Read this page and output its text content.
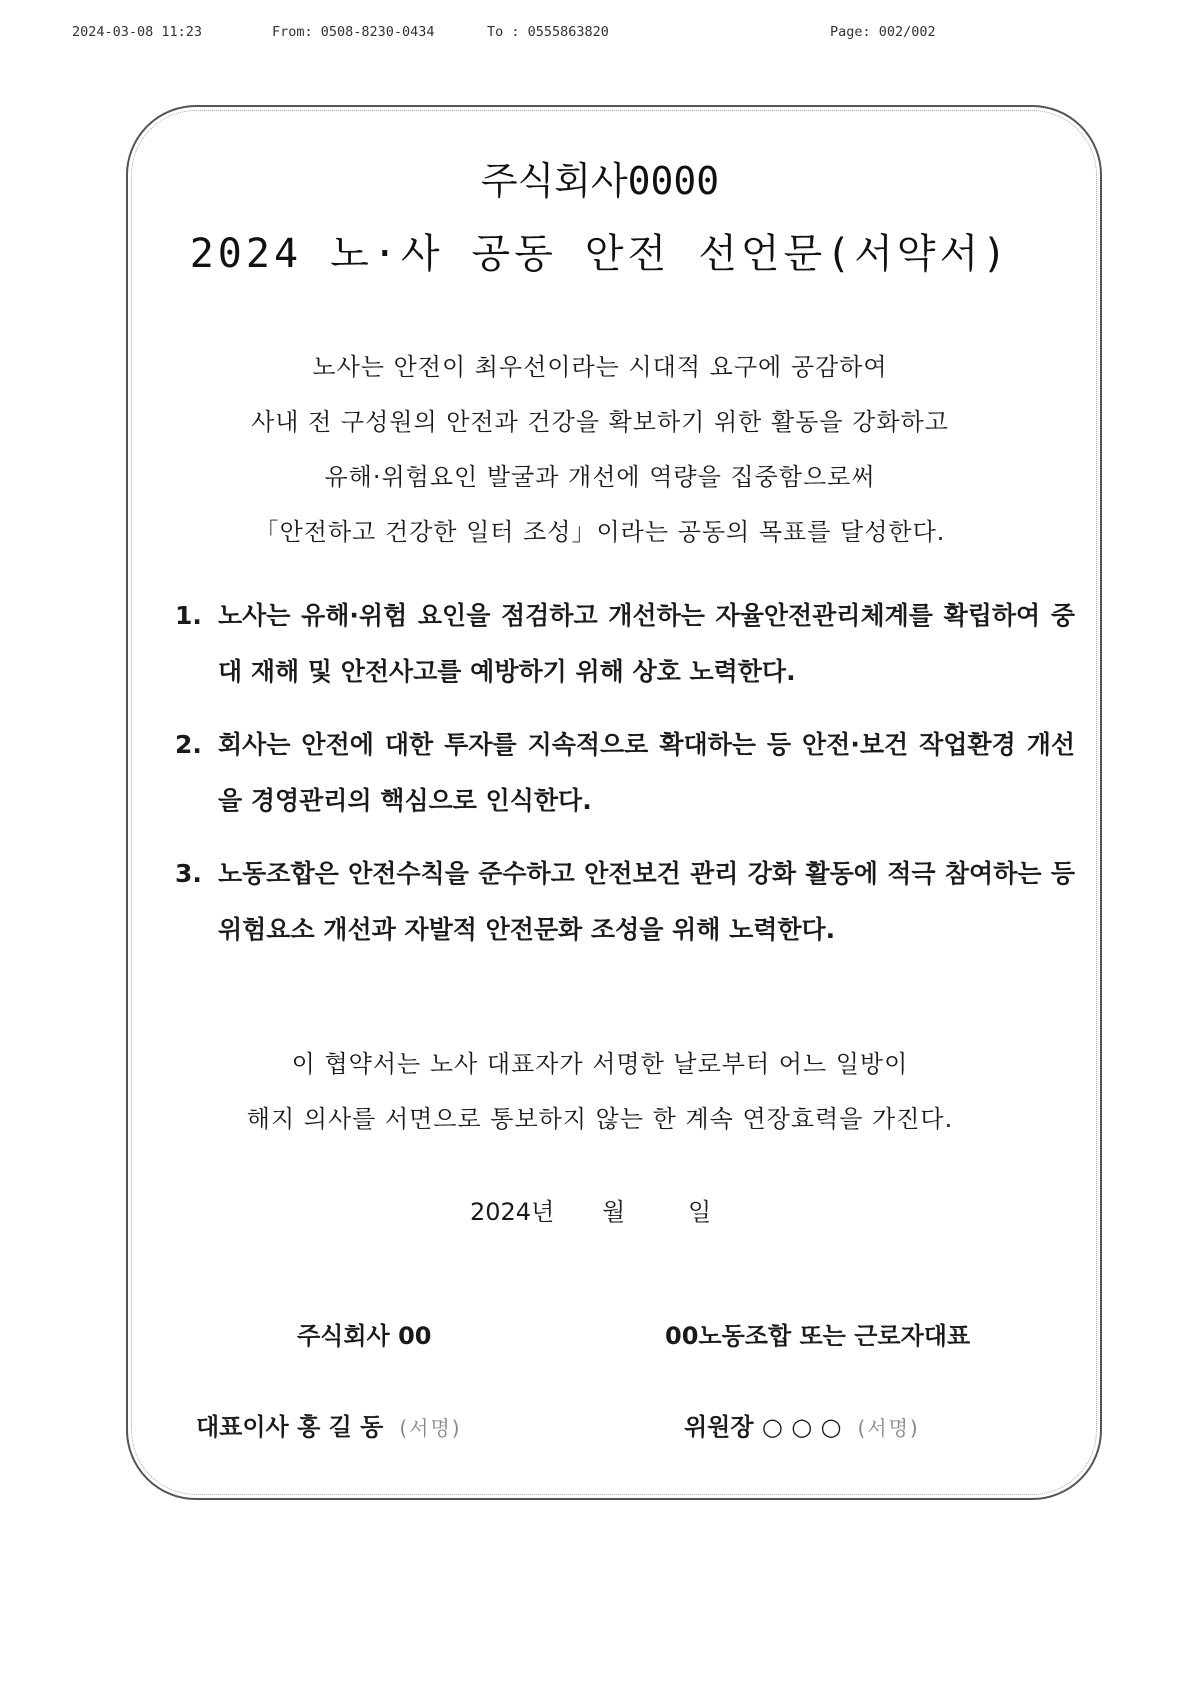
2024-03-08 11:23	From: 0508-8230-0434	To : 0555863820	Page: 002/002
주식회사0000
2024 노·사 공동 안전 선언문(서약서)
노사는 안전이 최우선이라는 시대적 요구에 공감하여
사내 전 구성원의 안전과 건강을 확보하기 위한 활동을 강화하고
유해·위험요인 발굴과 개선에 역량을 집중함으로써
「안전하고 건강한 일터 조성」이라는 공동의 목표를 달성한다.
1. 노사는 유해·위험 요인을 점검하고 개선하는 자율안전관리체계를 확립하여 중대 재해 및 안전사고를 예방하기 위해 상호 노력한다.
2. 회사는 안전에 대한 투자를 지속적으로 확대하는 등 안전·보건 작업환경 개선을 경영관리의 핵심으로 인식한다.
3. 노동조합은 안전수칙을 준수하고 안전보건 관리 강화 활동에 적극 참여하는 등 위험요소 개선과 자발적 안전문화 조성을 위해 노력한다.
이 협약서는 노사 대표자가 서명한 날로부터 어느 일방이
해지 의사를 서면으로 통보하지 않는 한 계속 연장효력을 가진다.
2024년 월	일
주식회사 00	00노동조합 또는 근로자대표
대표이사 홍 길 동 (서명)	위원장 ○ ○ ○ (서명)
